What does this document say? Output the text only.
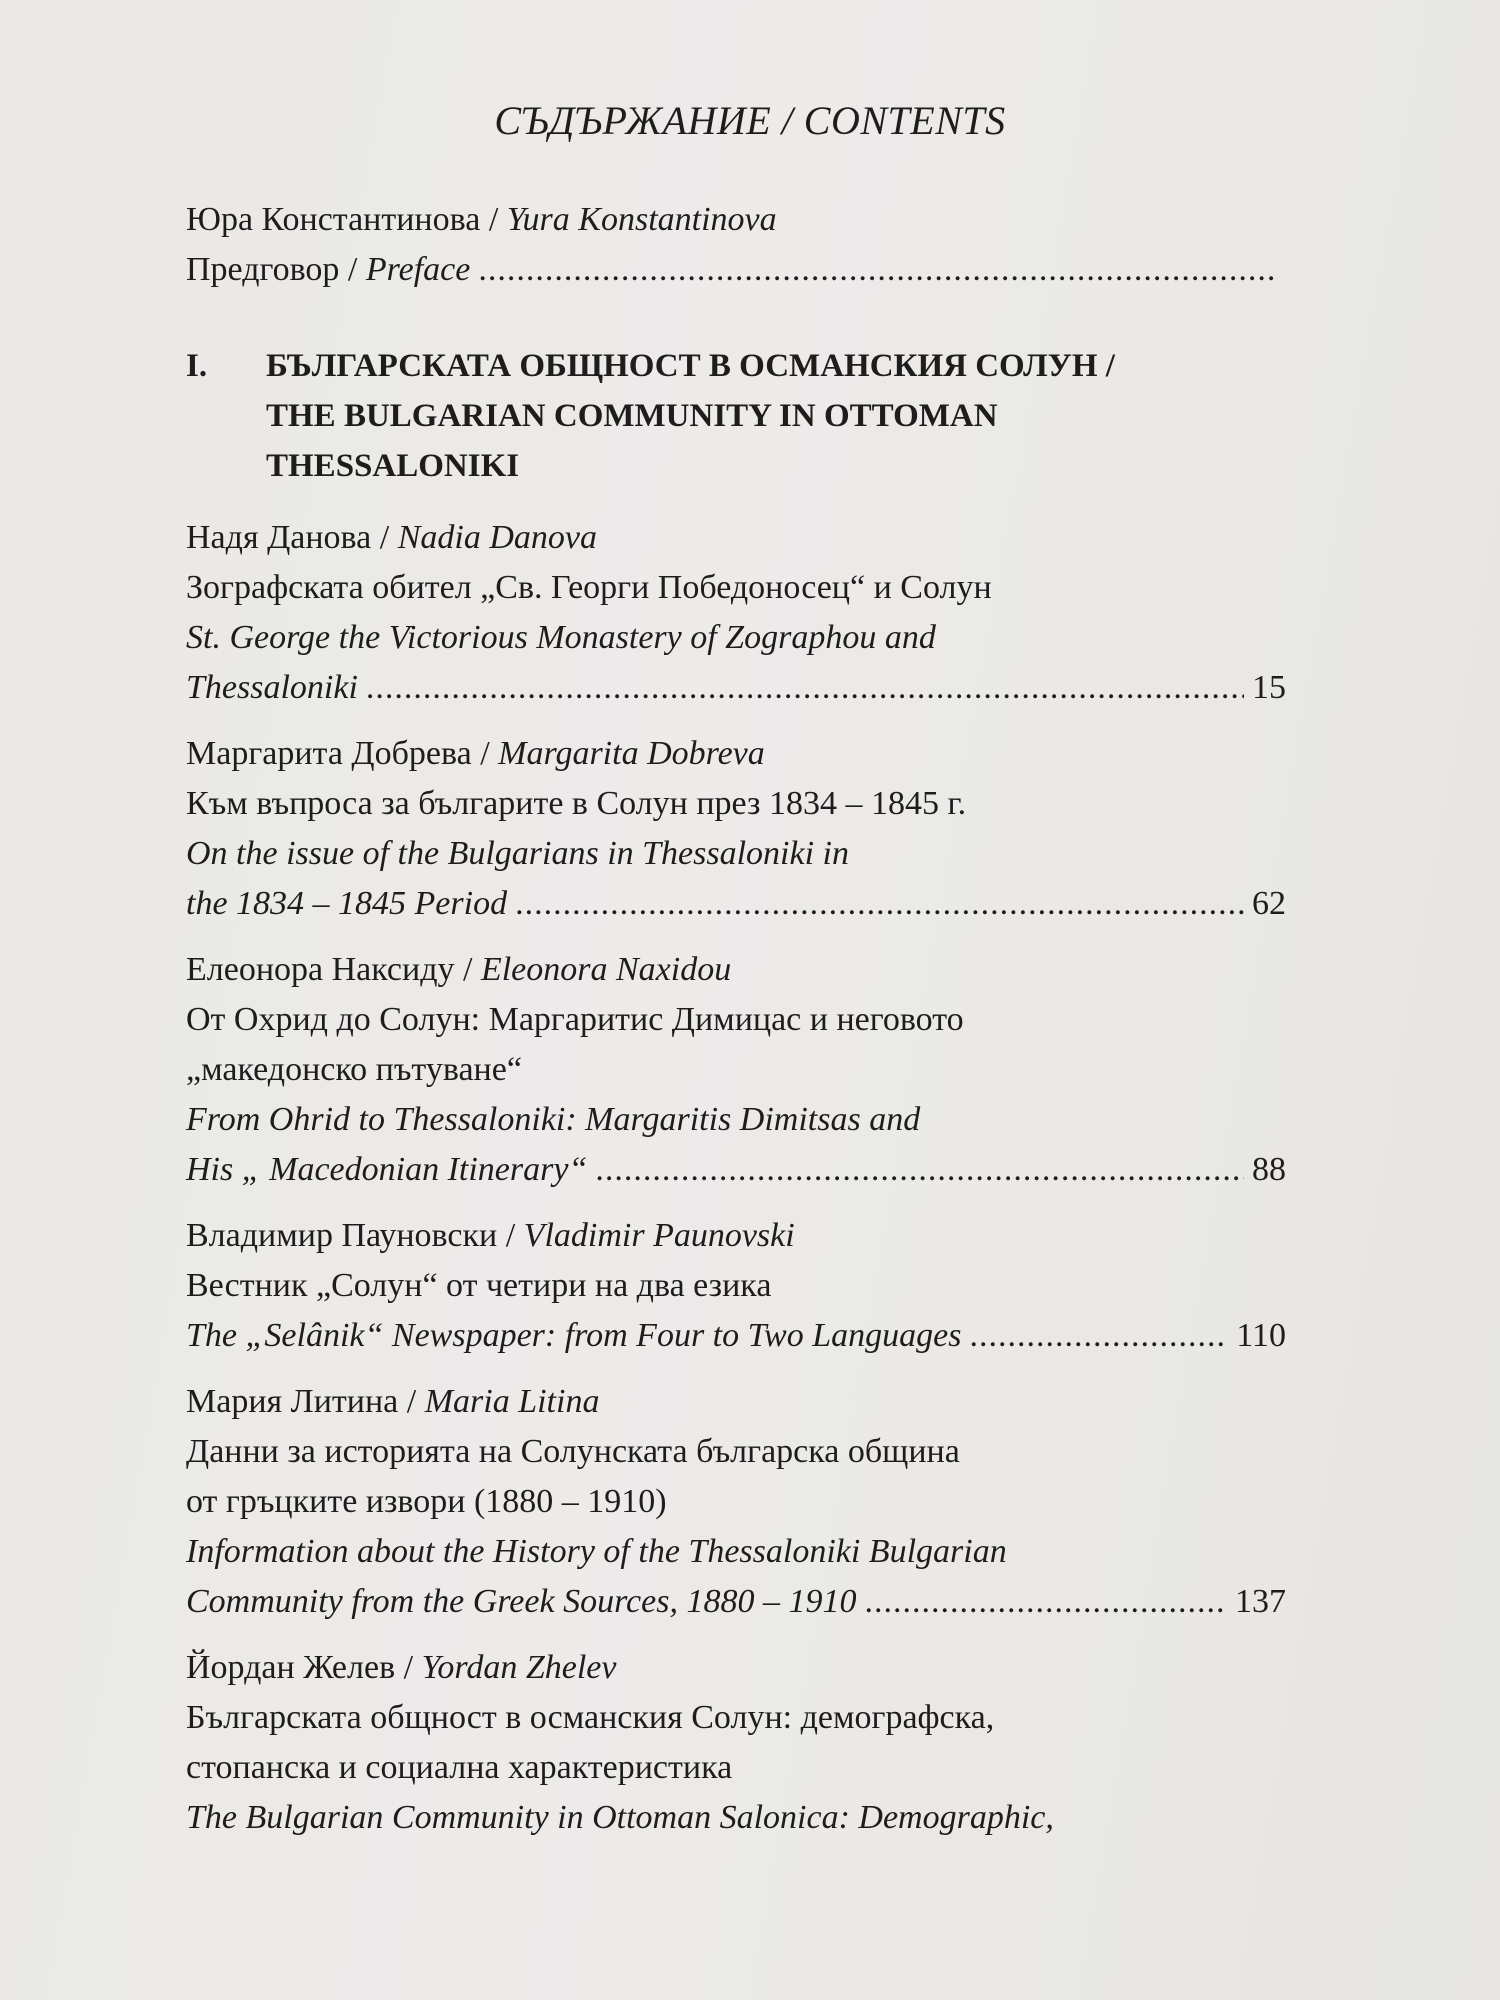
СЪДЪРЖАНИЕ / CONTENTS
Юра Константинова / Yura Konstantinova
Предговор / Preface
.....
I.	БЪЛГАРСКАТА ОБЩНОСТ В ОСМАНСКИЯ СОЛУН /
THE BULGARIAN COMMUNITY IN OTTOMAN
THESSALONIKI
Надя Данова / Nadia Danova
Зографската обител „Св. Георги Победоносец“ и Солун
St. George the Victorious Monastery of Zographou and
Thessaloniki .....	15
Маргарита Добрева / Margarita Dobreva
Към въпроса за българите в Солун през 1834 – 1845 г.
On the issue of the Bulgarians in Thessaloniki in
the 1834 – 1845 Period .....	62
Елеонора Наксиду / Eleonora Naxidou
От Охрид до Солун: Маргаритис Димицас и неговото
„македонско пътуване“
From Ohrid to Thessaloniki: Margaritis Dimitsas and
His „ Macedonian Itinerary“ .....	88
Владимир Пауновски / Vladimir Paunovski
Вестник „Солун“ от четири на два езика
The „Selânik“ Newspaper: from Four to Two Languages .....	110
Мария Литина / Maria Litina
Данни за историята на Солунската българска община
от гръцките извори (1880 – 1910)
Information about the History of the Thessaloniki Bulgarian
Community from the Greek Sources, 1880 – 1910 .....	137
Йордан Желев / Yordan Zhelev
Българската общност в османския Солун: демографска,
стопанска и социална характеристика
The Bulgarian Community in Ottoman Salonica: Demographic,
